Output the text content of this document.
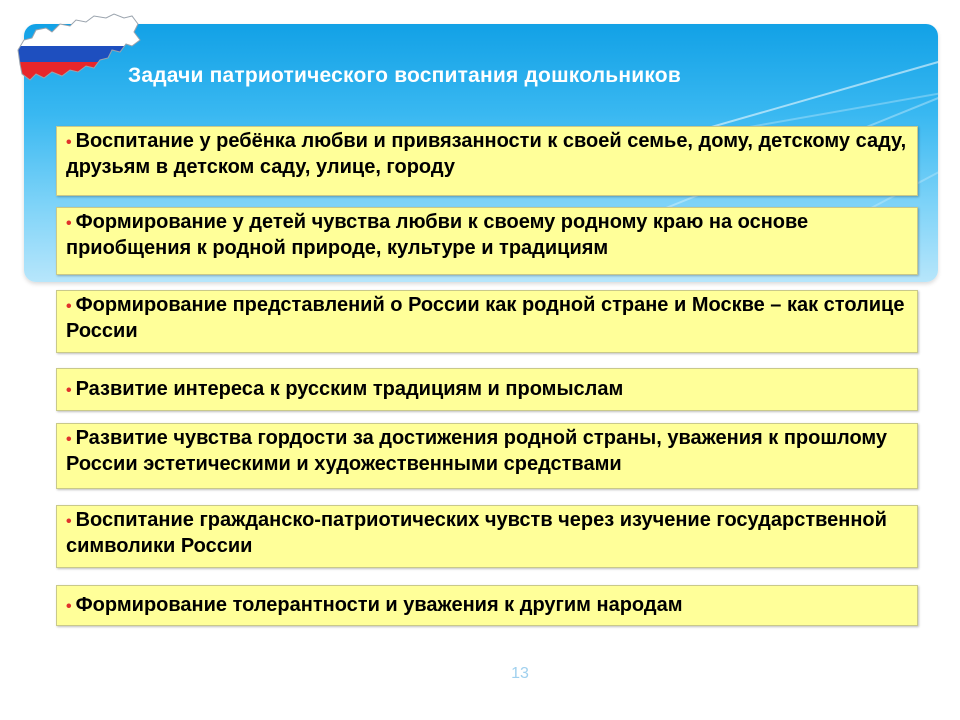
Задачи патриотического воспитания дошкольников
• Воспитание у ребёнка любви и привязанности к своей семье, дому, детскому саду, друзьям в детском саду, улице, городу
• Формирование у детей чувства любви к своему родному краю на основе приобщения к родной природе, культуре и традициям
• Формирование представлений о России как родной стране и Москве – как столице России
• Развитие интереса к русским традициям и промыслам
• Развитие чувства гордости за достижения родной страны, уважения к прошлому России эстетическими и художественными средствами
• Воспитание гражданско-патриотических чувств через изучение государственной символики России
• Формирование толерантности и уважения к другим народам
13
